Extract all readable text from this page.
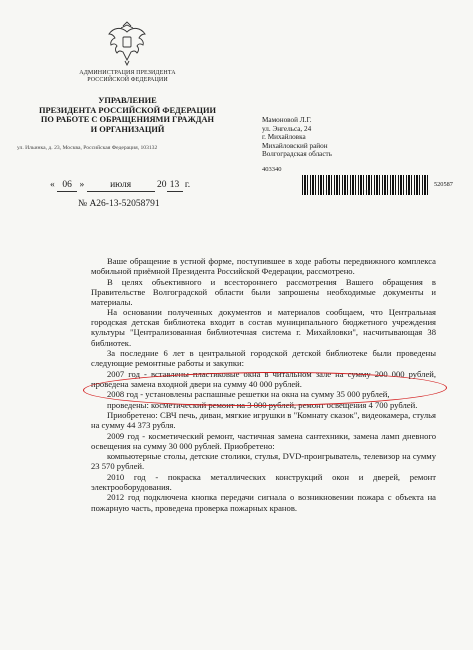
АДМИНИСТРАЦИЯ ПРЕЗИДЕНТА
РОССИЙСКОЙ ФЕДЕРАЦИИ
УПРАВЛЕНИЕ
ПРЕЗИДЕНТА РОССИЙСКОЙ ФЕДЕРАЦИИ
ПО РАБОТЕ С ОБРАЩЕНИЯМИ ГРАЖДАН
И ОРГАНИЗАЦИЙ
ул. Ильинка, д. 23, Москва, Российская Федерация, 103132
« 06 »	июля	20 13 г.
№ А26-13-52058791
Мамоновой Л.Г.
ул. Энгельса, 24
г. Михайловка
Михайловский район
Волгоградская область
403340
520587

Ваше обращение в устной форме, поступившее в ходе работы передвижного комплекса мобильной приёмной Президента Российской Федерации, рассмотрено.

В целях объективного и всестороннего рассмотрения Вашего обращения в Правительстве Волгоградской области были запрошены необходимые документы и материалы.

На основании полученных документов и материалов сообщаем, что Центральная городская детская библиотека входит в состав муниципального бюджетного учреждения культуры "Централизованная библиотечная система г. Михайловки", насчитывающая 38 библиотек.

За последние 6 лет в центральной городской детской библиотеке были проведены следующие ремонтные работы и закупки:

2007 год - вставлены пластиковые окна в читальном зале на сумму 200 000 рублей, проведена замена входной двери на сумму 40 000 рублей.

2008 год - установлены распашные решетки на окна на сумму 35 000 рублей,

проведены: косметический ремонт на 3 000 рублей, ремонт освещения 4 700 рублей.

Приобретено: СВЧ печь, диван, мягкие игрушки в "Комнату сказок", видеокамера, стулья на сумму 44 373 рубля.

2009 год - косметический ремонт, частичная замена сантехники, замена ламп дневного освещения на сумму 30 000 рублей. Приобретено:

компьютерные столы, детские столики, стулья, DVD-проигрыватель, телевизор на сумму 23 570 рублей.

2010 год - покраска металлических конструкций окон и дверей, ремонт электрооборудования.

2012 год подключена кнопка передачи сигнала о возникновении пожара с объекта на пожарную часть, проведена проверка пожарных кранов.
